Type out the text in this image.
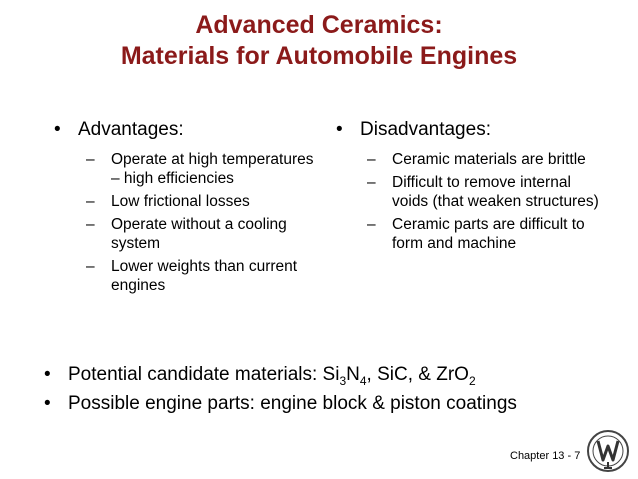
Advanced Ceramics:
Materials for Automobile Engines
• Advantages:
–	Operate at high temperatures – high efficiencies
–	Low frictional losses
–	Operate without a cooling system
–	Lower weights than current engines
• Disadvantages:
–	Ceramic materials are brittle
–	Difficult to remove internal voids (that weaken structures)
–	Ceramic parts are difficult to form and machine
• Potential candidate materials: $Si_3N_4$, SiC, & ZrO$_2$
• Possible engine parts: engine block & piston coatings
Chapter 13 - 7
